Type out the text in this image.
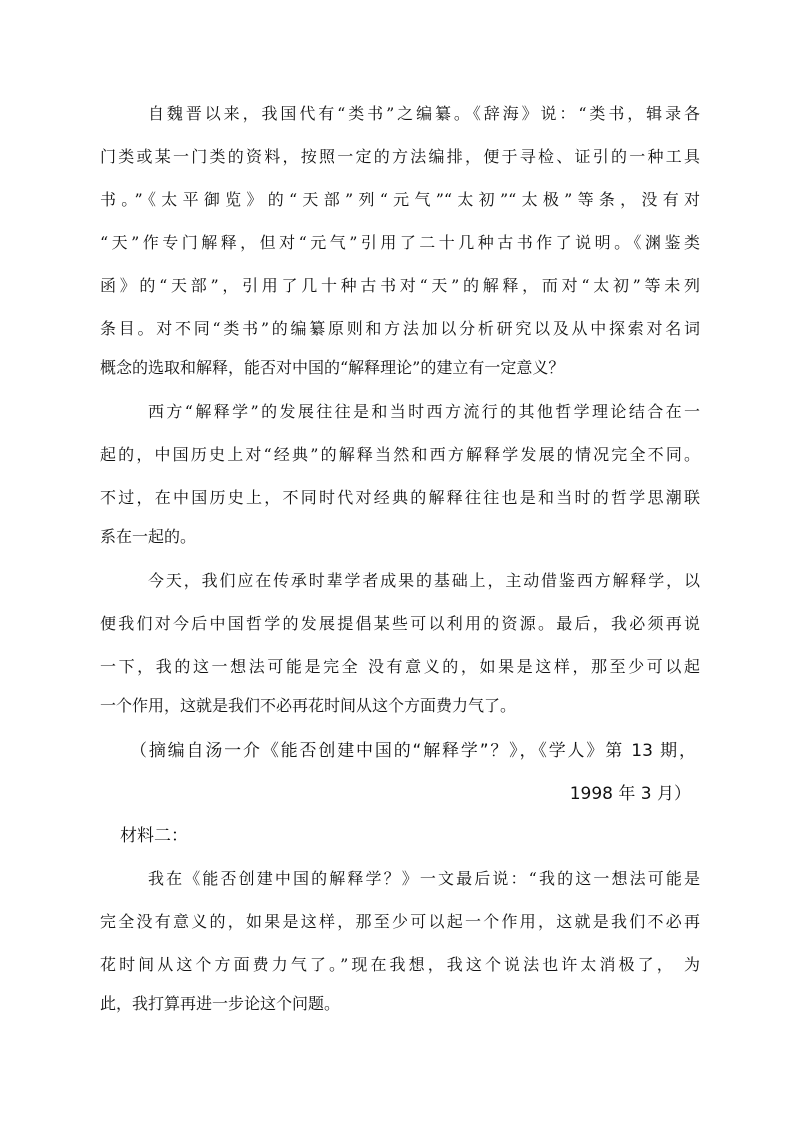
自魏晋以来，我国代有“类书”之编纂。《辞海》说：“类书，辑录各
门类或某一门类的资料，按照一定的方法编排，便于寻检、证引的一种工具
书。”《太平御览》的“天部”列“元气”“太初”“太极”等条，没有对
“天”作专门解释，但对“元气”引用了二十几种古书作了说明。《渊鉴类
函》的“天部”，引用了几十种古书对“天”的解释，而对“太初”等未列
条目。对不同“类书”的编纂原则和方法加以分析研究以及从中探索对名词
概念的选取和解释，能否对中国的“解释理论”的建立有一定意义？
西方“解释学”的发展往往是和当时西方流行的其他哲学理论结合在一
起的，中国历史上对“经典”的解释当然和西方解释学发展的情况完全不同。
不过，在中国历史上，不同时代对经典的解释往往也是和当时的哲学思潮联
系在一起的。
今天，我们应在传承时辈学者成果的基础上，主动借鉴西方解释学，以
便我们对今后中国哲学的发展提倡某些可以利用的资源。最后，我必须再说
一下，我的这一想法可能是完全 没有意义的，如果是这样，那至少可以起
一个作用，这就是我们不必再花时间从这个方面费力气了。
（摘编自汤一介《能否创建中国的“解释学”？》，《学人》第 13 期，
1998 年 3 月）
材料二：
我在《能否创建中国的解释学？》一文最后说：“我的这一想法可能是
完全没有意义的，如果是这样，那至少可以起一个作用，这就是我们不必再
花时间从这个方面费力气了。”现在我想，我这个说法也许太消极了， 为
此，我打算再进一步论这个问题。
